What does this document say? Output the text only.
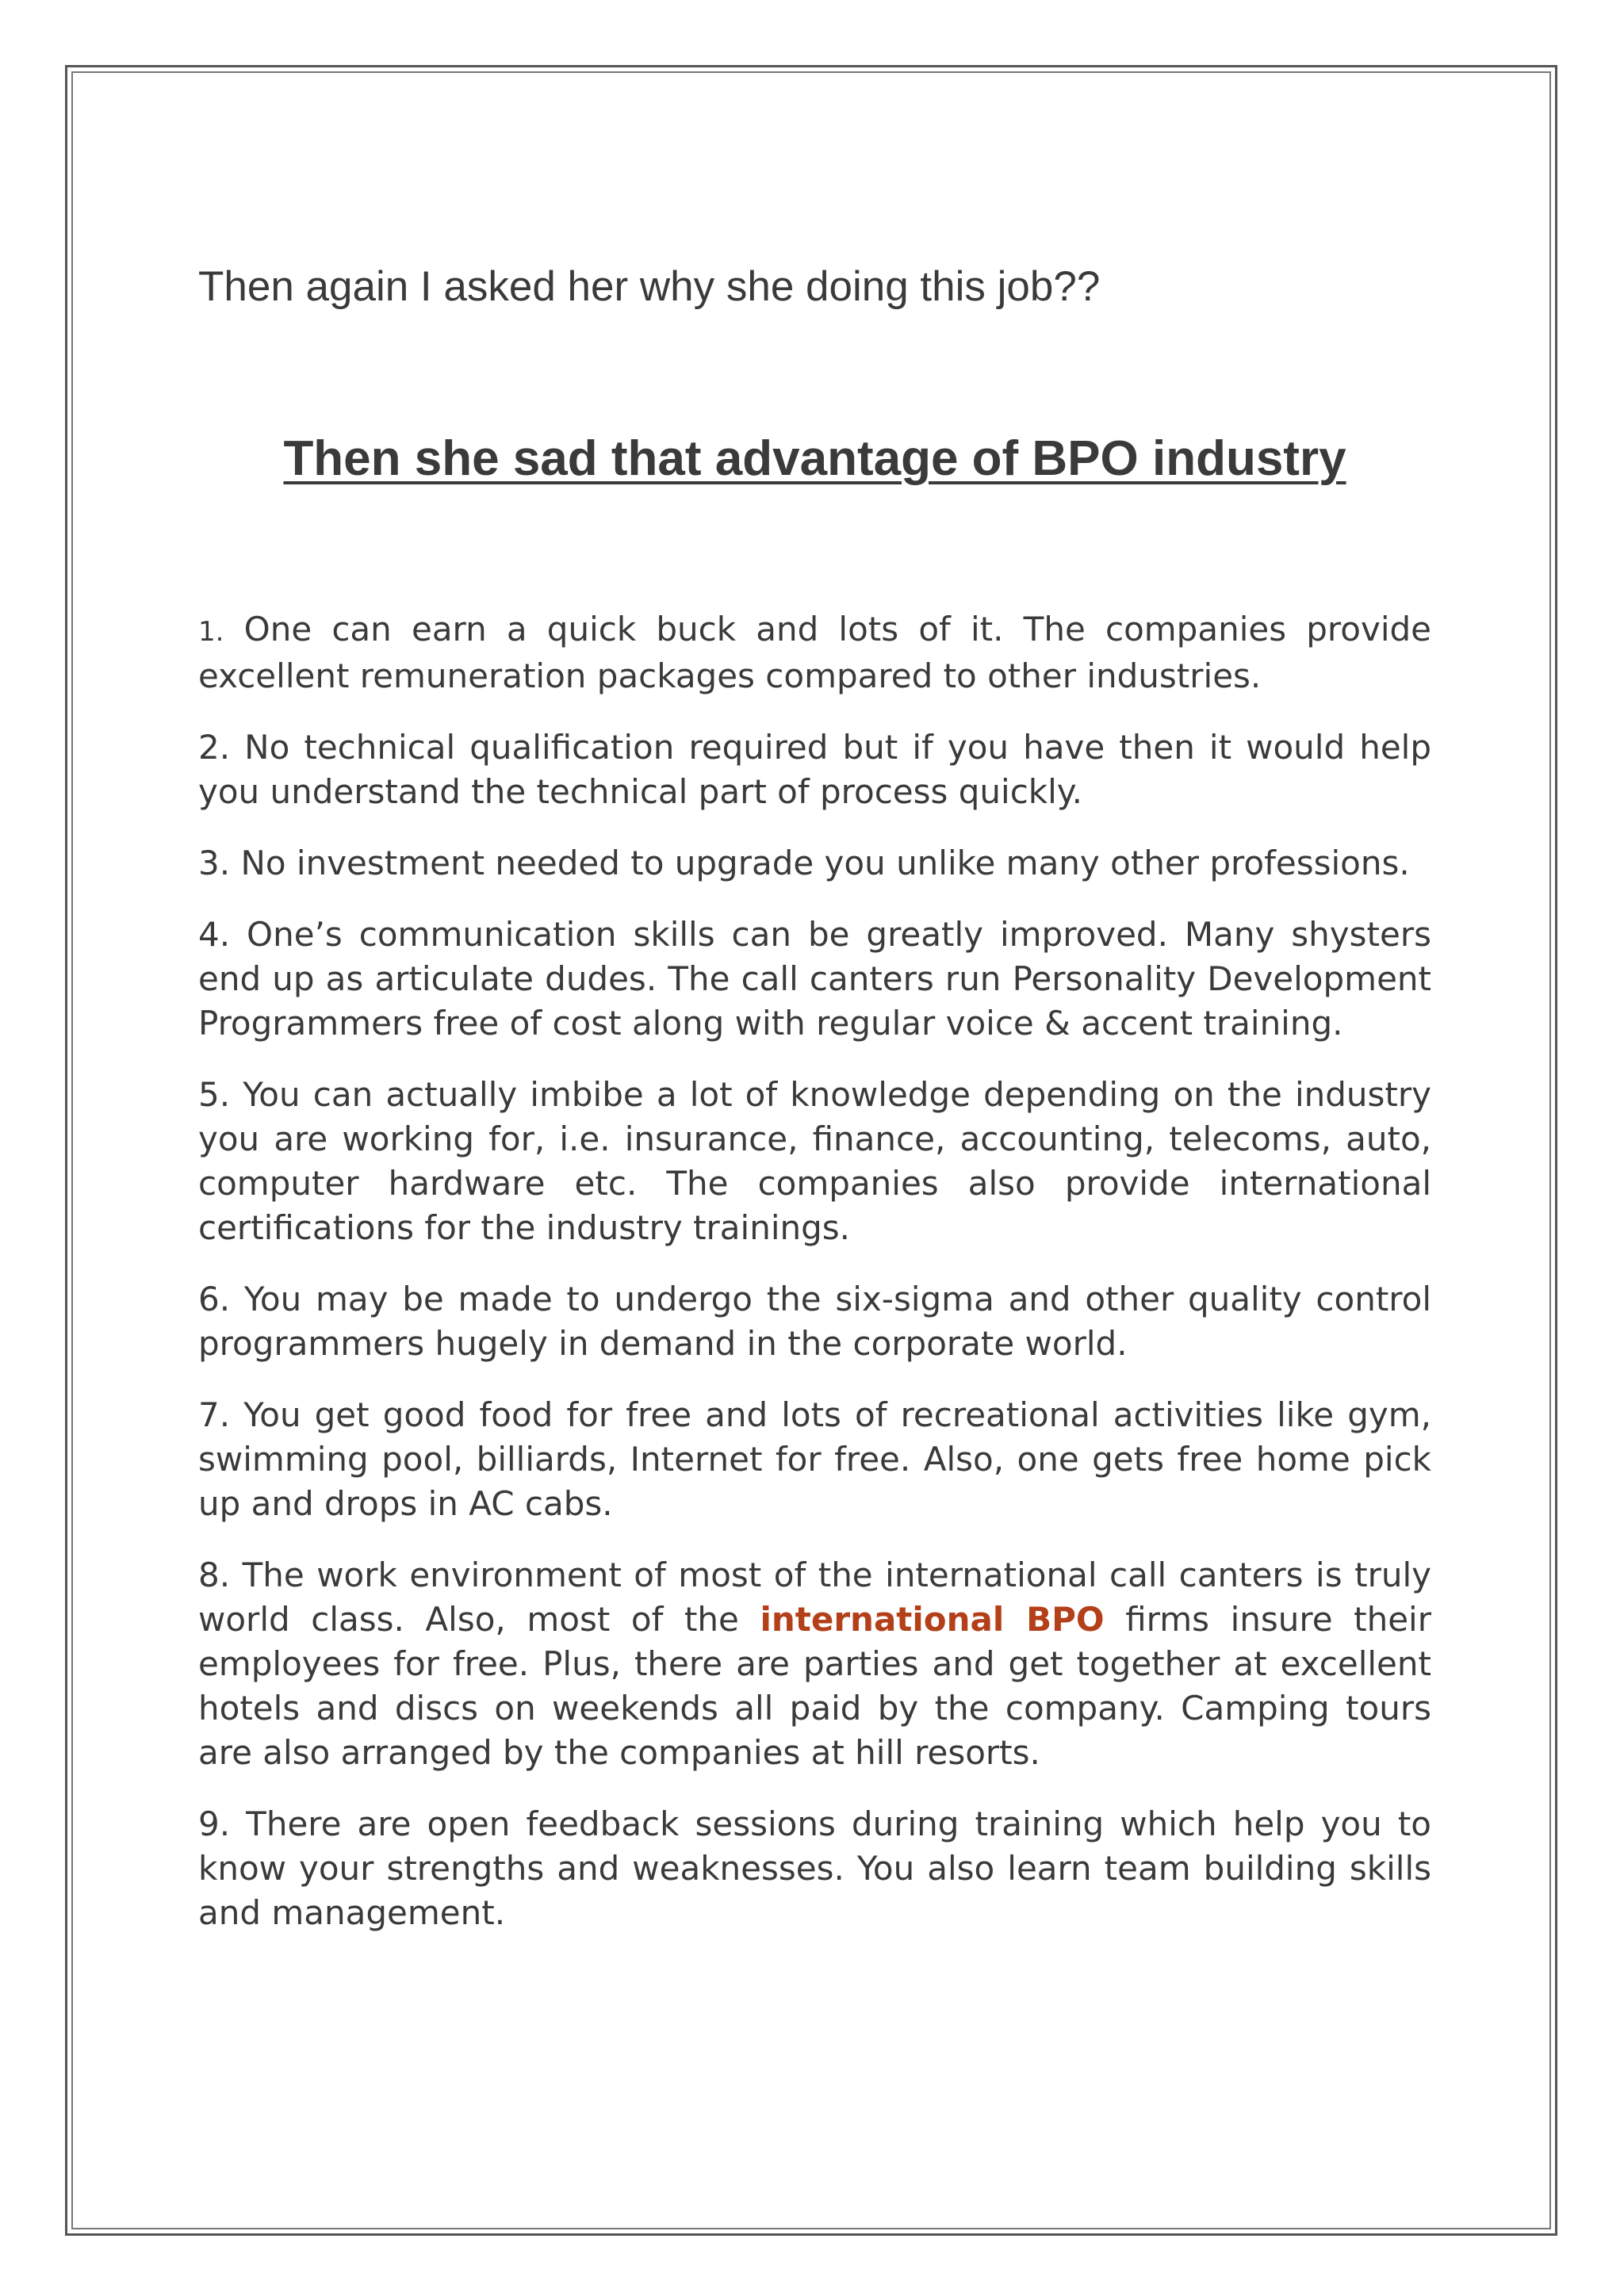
Then again I asked her why she doing this job??

Then she sad that advantage of BPO industry
1. One can earn a quick buck and lots of it. The companies provide excellent remuneration packages compared to other industries.
2. No technical qualification required but if you have then it would help you understand the technical part of process quickly.
3. No investment needed to upgrade you unlike many other professions.
4. One’s communication skills can be greatly improved. Many shysters end up as articulate dudes. The call canters run Personality Development Programmers free of cost along with regular voice & accent training.
5. You can actually imbibe a lot of knowledge depending on the industry you are working for, i.e. insurance, finance, accounting, telecoms, auto, computer hardware etc. The companies also provide international certifications for the industry trainings.
6. You may be made to undergo the six-sigma and other quality control programmers hugely in demand in the corporate world.
7. You get good food for free and lots of recreational activities like gym, swimming pool, billiards, Internet for free. Also, one gets free home pick up and drops in AC cabs.
8. The work environment of most of the international call canters is truly world class. Also, most of the international BPO firms insure their employees for free. Plus, there are parties and get together at excellent hotels and discs on weekends all paid by the company. Camping tours are also arranged by the companies at hill resorts.
9. There are open feedback sessions during training which help you to know your strengths and weaknesses. You also learn team building skills and management.
